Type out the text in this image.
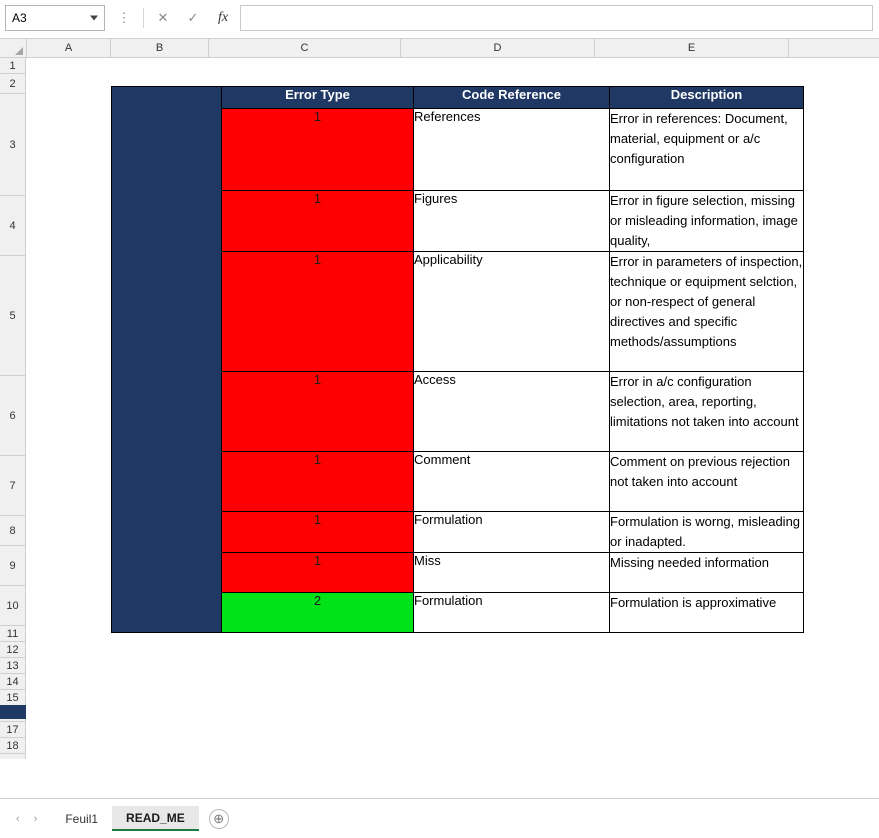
A3	⋮	✕	✓	fx
A	B	C	D	E
1
2
3
4
5
6
7
8
9
10
11
12
13
14
15
17
18
	Error Type	Code Reference	Description
	1	References	Error in references: Document, material, equipment or a/c configuration
	1	Figures	Error in figure selection, missing or misleading information, image quality,
	1	Applicability	Error in parameters of inspection, technique or equipment selction, or non-respect of general directives and specific methods/assumptions
	1	Access	Error in a/c configuration selection, area, reporting, limitations not taken into account
	1	Comment	Comment on previous rejection not taken into account
	1	Formulation	Formulation is worng, misleading or inadapted.
	1	Miss	Missing needed information
	2	Formulation	Formulation is approximative
‹ ›	Feuil1	READ_ME	⊕
